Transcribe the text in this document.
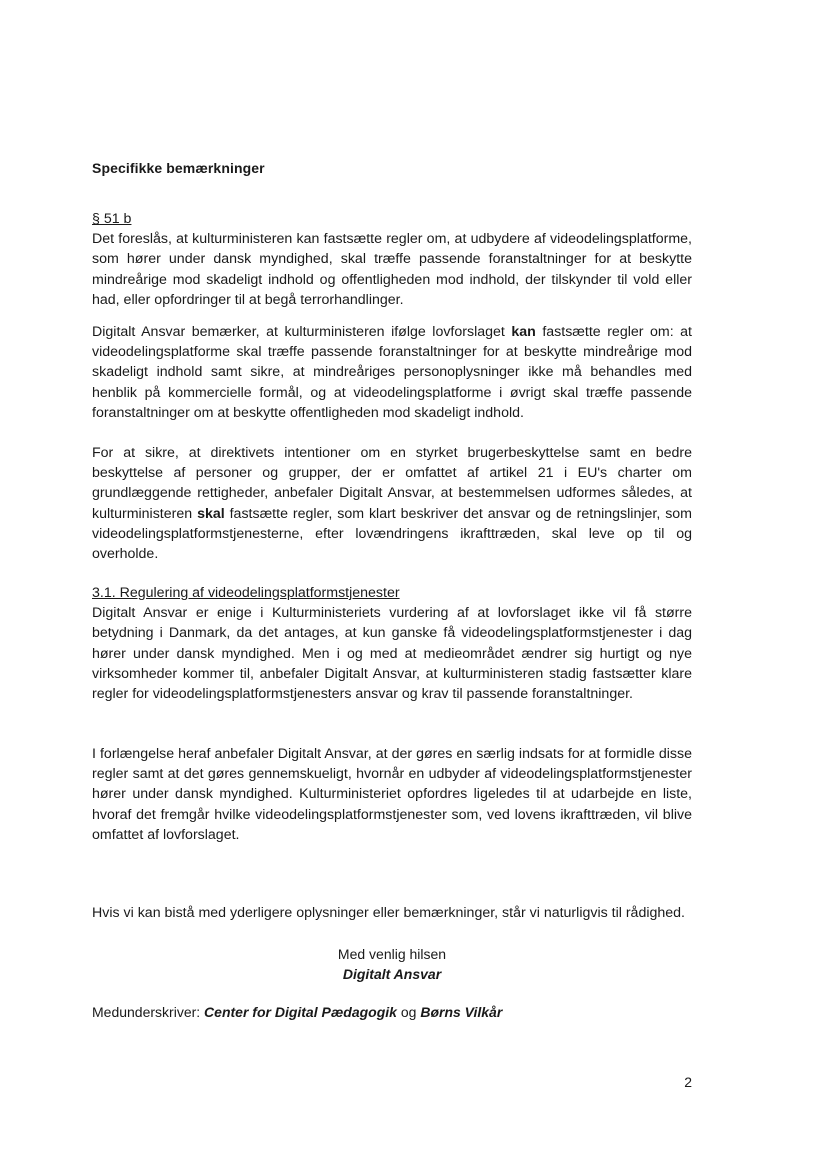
Specifikke bemærkninger
§ 51 b

Det foreslås, at kulturministeren kan fastsætte regler om, at udbydere af videodelingsplatforme, som hører under dansk myndighed, skal træffe passende foranstaltninger for at beskytte mindreårige mod skadeligt indhold og offentligheden mod indhold, der tilskynder til vold eller had, eller opfordringer til at begå terrorhandlinger.

Digitalt Ansvar bemærker, at kulturministeren ifølge lovforslaget kan fastsætte regler om: at videodelingsplatforme skal træffe passende foranstaltninger for at beskytte mindreårige mod skadeligt indhold samt sikre, at mindreåriges personoplysninger ikke må behandles med henblik på kommercielle formål, og at videodelingsplatforme i øvrigt skal træffe passende foranstaltninger om at beskytte offentligheden mod skadeligt indhold.

For at sikre, at direktivets intentioner om en styrket brugerbeskyttelse samt en bedre beskyttelse af personer og grupper, der er omfattet af artikel 21 i EU's charter om grundlæggende rettigheder, anbefaler Digitalt Ansvar, at bestemmelsen udformes således, at kulturministeren skal fastsætte regler, som klart beskriver det ansvar og de retningslinjer, som videodelingsplatformstjenesterne, efter lovændringens ikrafttræden, skal leve op til og overholde.

3.1. Regulering af videodelingsplatformstjenester

Digitalt Ansvar er enige i Kulturministeriets vurdering af at lovforslaget ikke vil få større betydning i Danmark, da det antages, at kun ganske få videodelingsplatformstjenester i dag hører under dansk myndighed. Men i og med at medieområdet ændrer sig hurtigt og nye virksomheder kommer til, anbefaler Digitalt Ansvar, at kulturministeren stadig fastsætter klare regler for videodelingsplatformstjenesters ansvar og krav til passende foranstaltninger.

I forlængelse heraf anbefaler Digitalt Ansvar, at der gøres en særlig indsats for at formidle disse regler samt at det gøres gennemskueligt, hvornår en udbyder af videodelingsplatformstjenester hører under dansk myndighed. Kulturministeriet opfordres ligeledes til at udarbejde en liste, hvoraf det fremgår hvilke videodelingsplatformstjenester som, ved lovens ikrafttræden, vil blive omfattet af lovforslaget.

Hvis vi kan bistå med yderligere oplysninger eller bemærkninger, står vi naturligvis til rådighed.

Med venlig hilsen
Digitalt Ansvar
Medunderskriver: Center for Digital Pædagogik og Børns Vilkår
2
